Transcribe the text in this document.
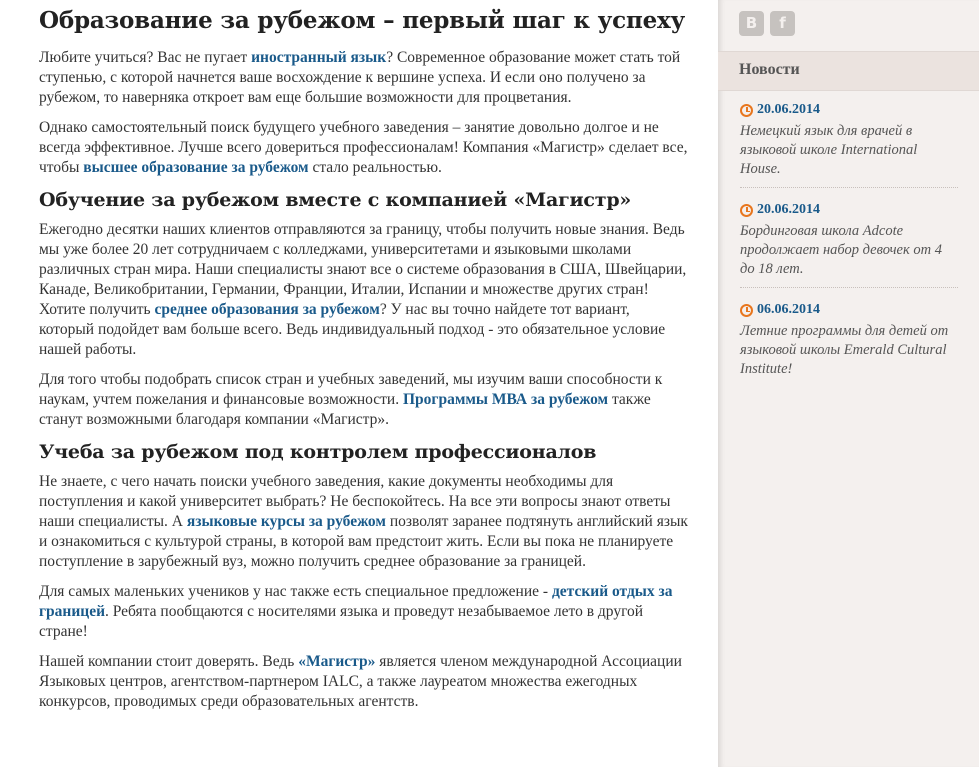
Образование за рубежом – первый шаг к успеху

Любите учиться? Вас не пугает иностранный язык? Современное образование может стать той ступенью, с которой начнется ваше восхождение к вершине успеха. И если оно получено за рубежом, то наверняка откроет вам еще большие возможности для процветания.

Однако самостоятельный поиск будущего учебного заведения – занятие довольно долгое и не всегда эффективное. Лучше всего довериться профессионалам! Компания «Магистр» сделает все, чтобы высшее образование за рубежом стало реальностью.

Обучение за рубежом вместе с компанией «Магистр»

Ежегодно десятки наших клиентов отправляются за границу, чтобы получить новые знания. Ведь мы уже более 20 лет сотрудничаем с колледжами, университетами и языковыми школами различных стран мира. Наши специалисты знают все о системе образования в США, Швейцарии, Канаде, Великобритании, Германии, Франции, Италии, Испании и множестве других стран! Хотите получить среднее образования за рубежом? У нас вы точно найдете тот вариант, который подойдет вам больше всего. Ведь индивидуальный подход - это обязательное условие нашей работы.

Для того чтобы подобрать список стран и учебных заведений, мы изучим ваши способности к наукам, учтем пожелания и финансовые возможности. Программы МВА за рубежом также станут возможными благодаря компании «Магистр».

Учеба за рубежом под контролем профессионалов

Не знаете, с чего начать поиски учебного заведения, какие документы необходимы для поступления и какой университет выбрать? Не беспокойтесь. На все эти вопросы знают ответы наши специалисты. А языковые курсы за рубежом позволят заранее подтянуть английский язык и ознакомиться с культурой страны, в которой вам предстоит жить. Если вы пока не планируете поступление в зарубежный вуз, можно получить среднее образование за границей.

Для самых маленьких учеников у нас также есть специальное предложение - детский отдых за границей. Ребята пообщаются с носителями языка и проведут незабываемое лето в другой стране!

Нашей компании стоит доверять. Ведь «Магистр» является членом международной Ассоциации Языковых центров, агентством-партнером IALC, а также лауреатом множества ежегодных конкурсов, проводимых среди образовательных агентств.

B	f
Новости
20.06.2014
Немецкий язык для врачей в языковой школе International House.
20.06.2014
Бординговая школа Adcote продолжает набор девочек от 4 до 18 лет.
06.06.2014
Летние программы для детей от языковой школы Emerald Cultural Institute!
